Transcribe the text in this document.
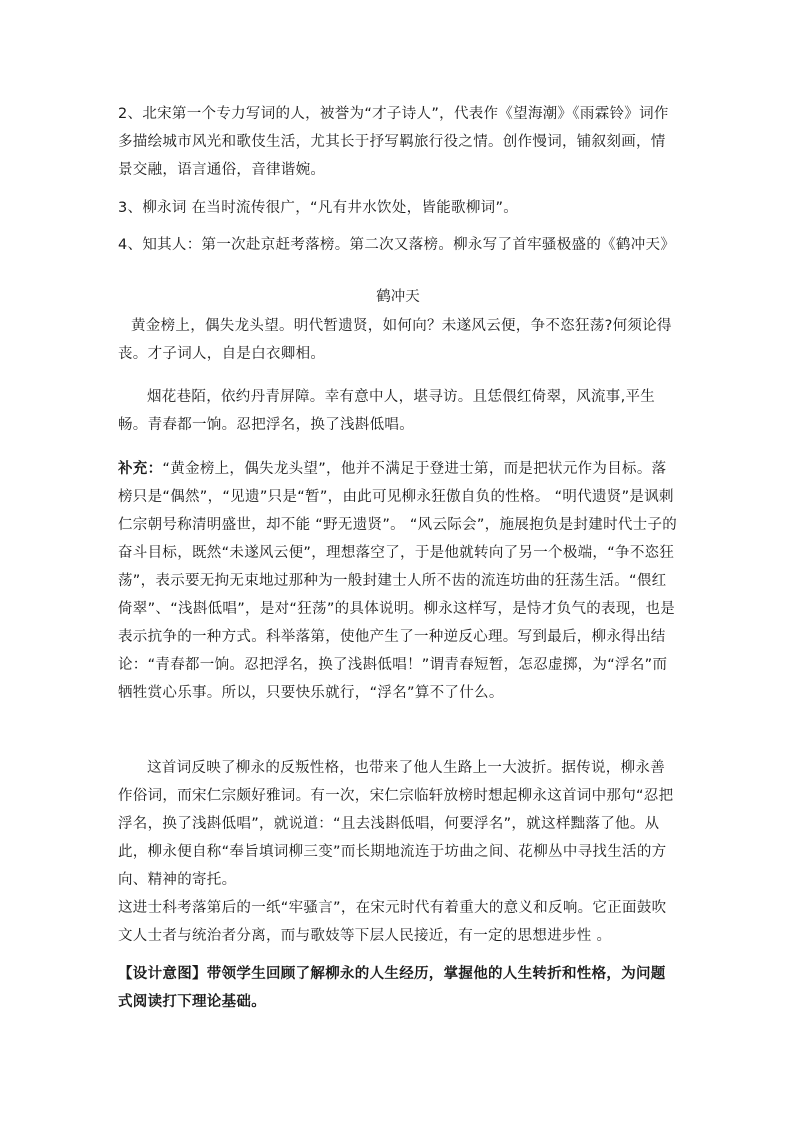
2、北宋第一个专力写词的人，被誉为“才子诗人”，代表作《望海潮》《雨霖铃》词作多描绘城市风光和歌伎生活，尤其长于抒写羁旅行役之情。创作慢词，铺叙刻画，情景交融，语言通俗，音律谐婉。

3、柳永词 在当时流传很广，“凡有井水饮处，皆能歌柳词”。

4、知其人：第一次赴京赶考落榜。第二次又落榜。柳永写了首牢骚极盛的《鹤冲天》

鹤冲天

黄金榜上，偶失龙头望。明代暂遗贤，如何向？未遂风云便，争不恣狂荡?何须论得丧。才子词人，自是白衣卿相。

烟花巷陌，依约丹青屏障。幸有意中人，堪寻访。且恁偎红倚翠，风流事,平生畅。青春都一饷。忍把浮名，换了浅斟低唱。

补充：“黄金榜上，偶失龙头望”，他并不满足于登进士第，而是把状元作为目标。落榜只是“偶然”，“见遗”只是“暂”，由此可见柳永狂傲自负的性格。 “明代遗贤”是讽刺仁宗朝号称清明盛世，却不能 “野无遗贤”。 “风云际会”，施展抱负是封建时代士子的奋斗目标，既然“未遂风云便”，理想落空了，于是他就转向了另一个极端，“争不恣狂荡”，表示要无拘无束地过那种为一般封建士人所不齿的流连坊曲的狂荡生活。“偎红倚翠”、“浅斟低唱”，是对“狂荡”的具体说明。柳永这样写，是恃才负气的表现，也是表示抗争的一种方式。科举落第，使他产生了一种逆反心理。写到最后，柳永得出结论：“青春都一饷。忍把浮名，换了浅斟低唱！”谓青春短暂，怎忍虚掷，为“浮名”而牺牲赏心乐事。所以，只要快乐就行，“浮名”算不了什么。

这首词反映了柳永的反叛性格，也带来了他人生路上一大波折。据传说，柳永善作俗词，而宋仁宗颇好雅词。有一次，宋仁宗临轩放榜时想起柳永这首词中那句“忍把浮名，换了浅斟低唱”，就说道：“且去浅斟低唱，何要浮名”，就这样黜落了他。从此，柳永便自称“奉旨填词柳三变”而长期地流连于坊曲之间、花柳丛中寻找生活的方向、精神的寄托。

这进士科考落第后的一纸“牢骚言”，在宋元时代有着重大的意义和反响。它正面鼓吹文人士者与统治者分离，而与歌妓等下层人民接近，有一定的思想进步性 。

【设计意图】带领学生回顾了解柳永的人生经历，掌握他的人生转折和性格，为问题式阅读打下理论基础。
